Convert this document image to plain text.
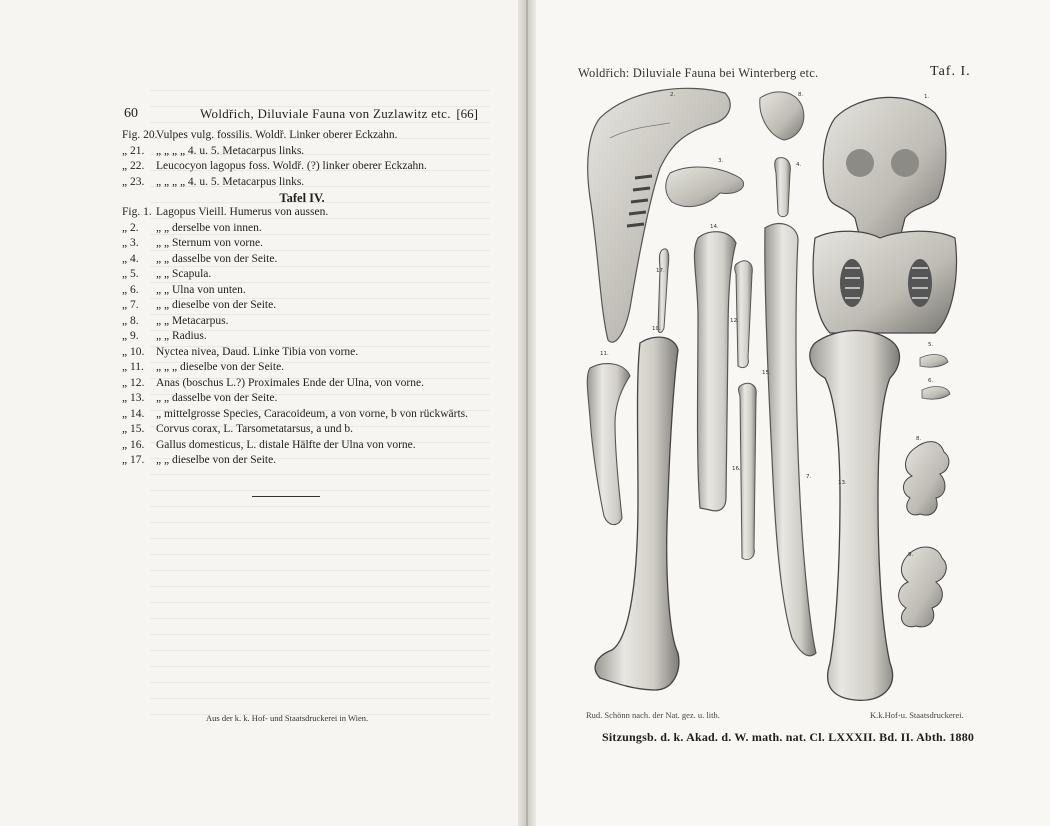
60	Woldřich, Diluviale Fauna von Zuzlawitz etc. [66]
Fig. 20.Vulpes vulg. fossilis. Woldř. Linker oberer Eckzahn.
„ 21. „ „ „ „ 4. u. 5. Metacarpus links.
„ 22. Leucocyon lagopus foss. Woldř. (?) linker oberer Eckzahn.
„ 23. „ „ „ „ 4. u. 5. Metacarpus links.
Tafel IV.
Fig. 1. Lagopus Vieill. Humerus von aussen.
„ 2. „ „ derselbe von innen.
„ 3. „ „ Sternum von vorne.
„ 4. „ „ dasselbe von der Seite.
„ 5. „ „ Scapula.
„ 6. „ „ Ulna von unten.
„ 7. „ „ dieselbe von der Seite.
„ 8. „ „ Metacarpus.
„ 9. „ „ Radius.
„ 10. Nyctea nivea, Daud. Linke Tibia von vorne.
„ 11. „ „ „ dieselbe von der Seite.
„ 12. Anas (boschus L.?) Proximales Ende der Ulna, von vorne.
„ 13. „ „ dasselbe von der Seite.
„ 14. „ mittelgrosse Species, Caracoideum, a von vorne, b von rückwärts.
„ 15. Corvus corax, L. Tarsometatarsus, a und b.
„ 16. Gallus domesticus, L. distale Hälfte der Ulna von vorne.
„ 17. „ „ dieselbe von der Seite.
Aus der k. k. Hof- und Staatsdruckerei in Wien.
Woldřich: Diluviale Fauna bei Winterberg etc.	Taf. I.
2.	8.	1.
3.
4.
14.
17.
12.
10.
11.
15.
5.
6.
7.
16.
13.
8.
9.
Rud. Schönn nach. der Nat. gez. u. lith.	K.k.Hof-u. Staatsdruckerei.
Sitzungsb. d. k. Akad. d. W. math. nat. Cl. LXXXII. Bd. II. Abth. 1880
